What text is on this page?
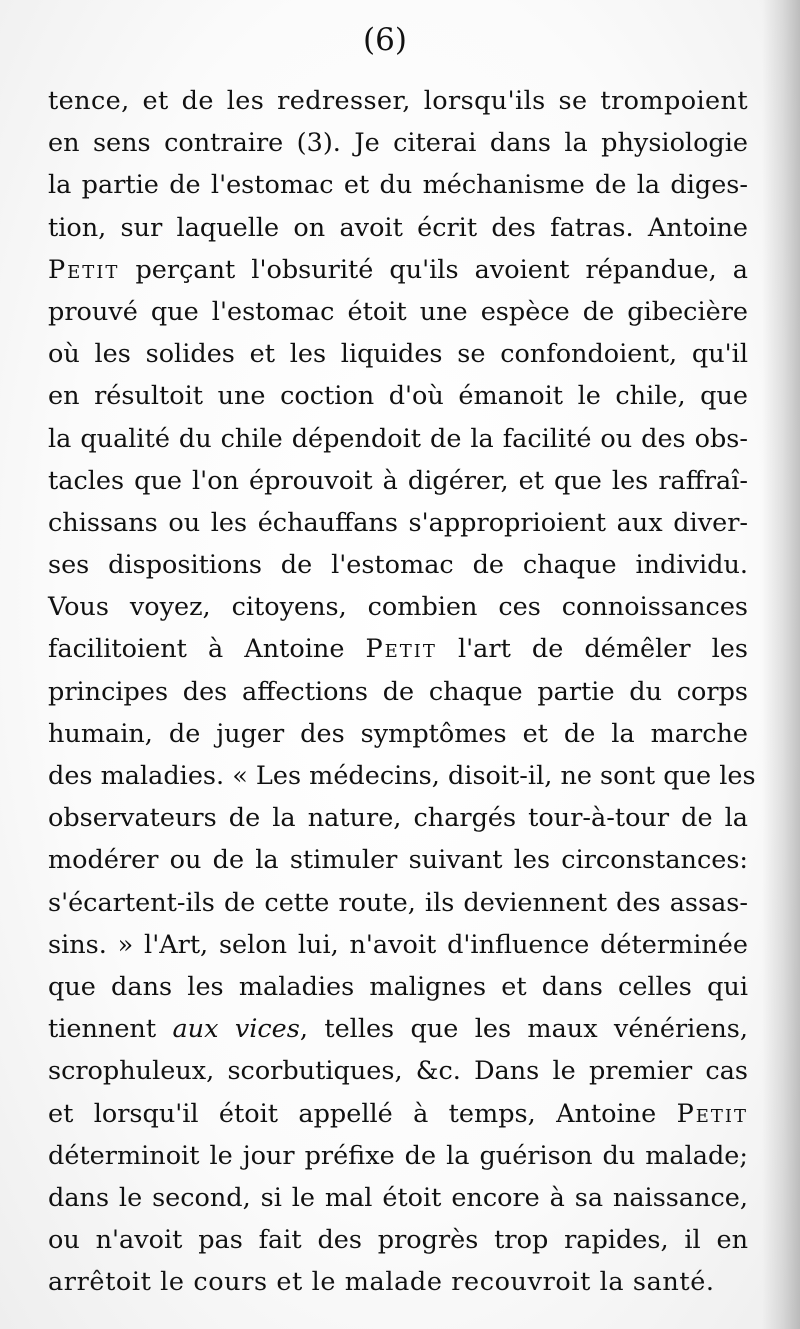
(6)
tence, et de les redresser, lorsqu'ils se trompoient
en sens contraire (3). Je citerai dans la physiologie
la partie de l'estomac et du méchanisme de la diges-
tion, sur laquelle on avoit écrit des fatras. Antoine
Petit perçant l'obsurité qu'ils avoient répandue, a
prouvé que l'estomac étoit une espèce de gibecière
où les solides et les liquides se confondoient, qu'il
en résultoit une coction d'où émanoit le chile, que
la qualité du chile dépendoit de la facilité ou des obs-
tacles que l'on éprouvoit à digérer, et que les raffraî-
chissans ou les échauffans s'approprioient aux diver-
ses dispositions de l'estomac de chaque individu.
Vous voyez, citoyens, combien ces connoissances
facilitoient à Antoine Petit l'art de démêler les
principes des affections de chaque partie du corps
humain, de juger des symptômes et de la marche
des maladies. « Les médecins, disoit-il, ne sont que les
observateurs de la nature, chargés tour-à-tour de la
modérer ou de la stimuler suivant les circonstances:
s'écartent-ils de cette route, ils deviennent des assas-
sins. » l'Art, selon lui, n'avoit d'influence déterminée
que dans les maladies malignes et dans celles qui
tiennent aux vices, telles que les maux vénériens,
scrophuleux, scorbutiques, &c. Dans le premier cas
et lorsqu'il étoit appellé à temps, Antoine Petit
déterminoit le jour préfixe de la guérison du malade;
dans le second, si le mal étoit encore à sa naissance,
ou n'avoit pas fait des progrès trop rapides, il en
arrêtoit le cours et le malade recouvroit la santé.
